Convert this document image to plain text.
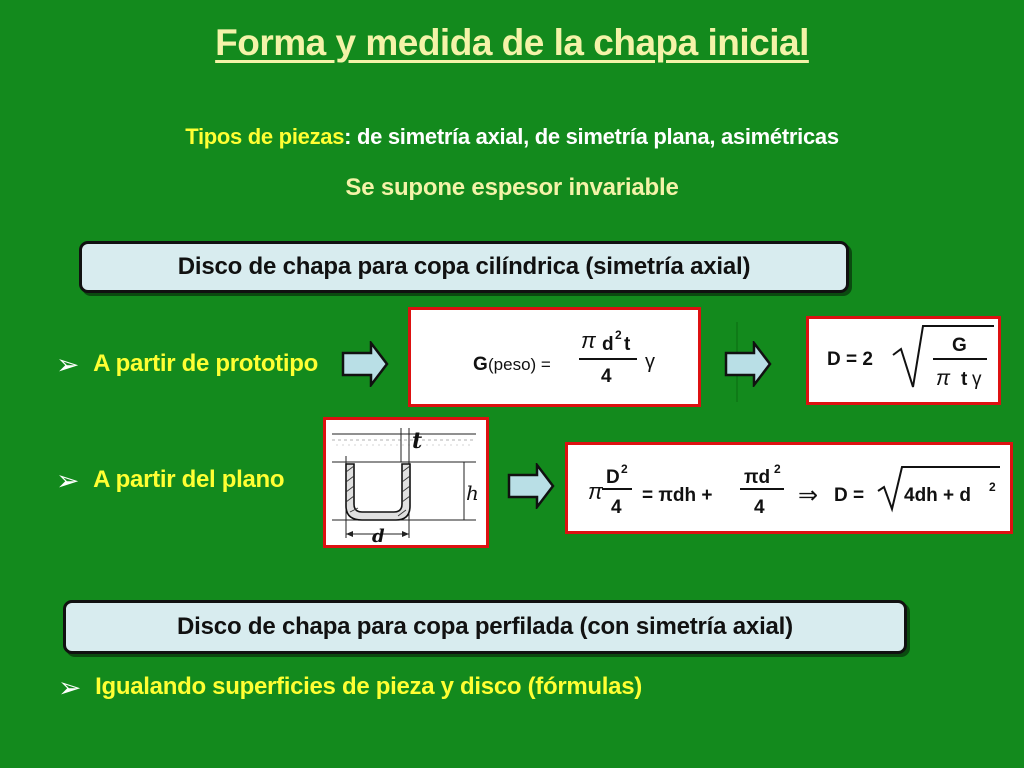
Forma y medida de la chapa inicial
Tipos de piezas: de simetría axial, de simetría plana, asimétricas
Se supone espesor invariable
Disco de chapa para copa cilíndrica (simetría axial)
➢ A partir de prototipo	G (peso) =
π d 2 t
4
γ	D = 2
G
π t γ
➢ A partir del plano
t
h
d
π
D 2
4
= πdh +
πd 2
4 ⇒ D = 4dh + d 2
Disco de chapa para copa perfilada (con simetría axial)
➢ Igualando superficies de pieza y disco (fórmulas)
